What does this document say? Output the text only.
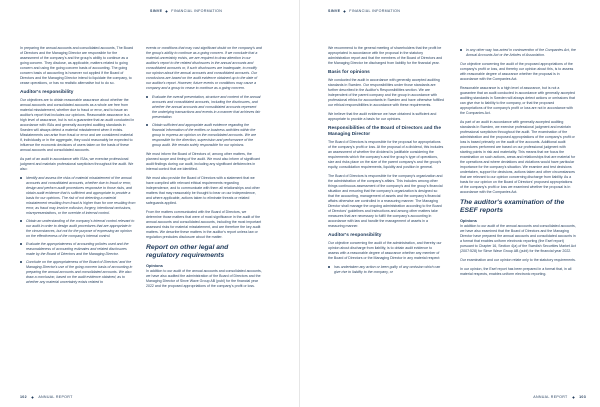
SINVE	FINANCIAL INFORMATION

In preparing the annual accounts and consolidated accounts, The Board of Directors and the Managing Director are responsible for the assessment of the company's and the group's ability to continue as a going concern. They disclose, as applicable, matters related to going concern and using the going concern basis of accounting. The going concern basis of accounting is however not applied if the Board of Directors and the Managing Director intend to liquidate the company, to cease operations, or has no realistic alternative but to do so.

Auditor's responsibility

Our objectives are to obtain reasonable assurance about whether the annual accounts and consolidated accounts as a whole are free from material misstatement, whether due to fraud or error, and to issue an auditor's report that includes our opinions. Reasonable assurance is a high level of assurance, but is not a guarantee that an audit conducted in accordance with ISAs and generally accepted auditing standards in Sweden will always detect a material misstatement when it exists. Misstatements can arise from fraud or error and are considered material if, individually or in the aggregate, they could reasonably be expected to influence the economic decisions of users taken on the basis of these annual accounts and consolidated accounts.

As part of an audit in accordance with ISAs, we exercise professional judgment and maintain professional scepticism throughout the audit. We also:

Identify and assess the risks of material misstatement of the annual accounts and consolidated accounts, whether due to fraud or error, design and perform audit procedures responsive to those risks, and obtain audit evidence that is sufficient and appropriate to provide a basis for our opinions. The risk of not detecting a material misstatement resulting from fraud is higher than for one resulting from error, as fraud may involve collusion, forgery, intentional omissions, misrepresentations, or the override of internal control.
Obtain an understanding of the company's internal control relevant to our audit in order to design audit procedures that are appropriate in the circumstances, but not for the purpose of expressing an opinion on the effectiveness of the company's internal control.
Evaluate the appropriateness of accounting policies used and the reasonableness of accounting estimates and related disclosures made by the Board of Directors and the Managing Director.
Conclude on the appropriateness of the Board of Directors' and the Managing Director's use of the going concern basis of accounting in preparing the annual accounts and consolidated accounts. We also draw a conclusion, based on the audit evidence obtained, as to whether any material uncertainty exists related to

events or conditions that may cast significant doubt on the company's and the group's ability to continue as a going concern. If we conclude that a material uncertainty exists, we are required to draw attention in our auditor's report to the related disclosures in the annual accounts and consolidated accounts or, if such disclosures are inadequate, to modify our opinion about the annual accounts and consolidated accounts. Our conclusions are based on the audit evidence obtained up to the date of our auditor's report. However, future events or conditions may cause a company and a group to cease to continue as a going concern.

Evaluate the overall presentation, structure and content of the annual accounts and consolidated accounts, including the disclosures, and whether the annual accounts and consolidated accounts represent the underlying transactions and events in a manner that achieves fair presentation.
Obtain sufficient and appropriate audit evidence regarding the financial information of the entities or business activities within the group to express an opinion on the consolidated accounts. We are responsible for the direction, supervision and performance of the group audit. We remain solely responsible for our opinions.

We must inform the Board of Directors of, among other matters, the planned scope and timing of the audit. We must also inform of significant audit findings during our audit, including any significant deficiencies in internal control that we identified.

We must also provide the Board of Directors with a statement that we have complied with relevant ethical requirements regarding independence, and to communicate with them all relationships and other matters that may reasonably be thought to bear on our independence, and where applicable, actions taken to eliminate threats or related safeguards applied.

From the matters communicated with the Board of Directors, we determine those matters that were of most significance in the audit of the annual accounts and consolidated accounts, including the most important assessed risks for material misstatement, and are therefore the key audit matters. We describe these matters in the auditor's report unless law or regulation precludes disclosure about the matter.

Report on other legal and regulatory requirements
Opinions

In addition to our audit of the annual accounts and consolidated accounts, we have also audited the administration of the Board of Directors and the Managing Director of Sinve Wave Group AB (publ) for the financial year 2022 and the proposed appropriations of the company's profit or loss.

102	ANNUAL REPORT
SINVE	FINANCIAL INFORMATION

We recommend to the general meeting of shareholders that the profit be appropriated in accordance with the proposal in the statutory administration report and that the members of the Board of Directors and the Managing Director be discharged from liability for the financial year.

Basis for opinions

We conducted the audit in accordance with generally accepted auditing standards in Sweden. Our responsibilities under those standards are further described in the Auditor's Responsibilities section. We are independent of the parent company and the group in accordance with professional ethics for accountants in Sweden and have otherwise fulfilled our ethical responsibilities in accordance with these requirements.

We believe that the audit evidence we have obtained is sufficient and appropriate to provide a basis for our opinions.

Responsibilities of the Board of Directors and the Managing Director

The Board of Directors is responsible for the proposal for appropriations of the company's profit or loss. At the proposal of a dividend, this includes an assessment of whether the dividend is justifiable considering the requirements which the company's and the group's type of operations, size and risks place on the size of the parent company's and the group's equity, consolidation requirements, liquidity and position in general.

The Board of Directors is responsible for the company's organization and the administration of the company's affairs. This includes among other things continuous assessment of the company's and the group's financial situation and ensuring that the company's organization is designed so that the accounting, management of assets and the company's financial affairs otherwise are controlled in a reassuring manner. The Managing Director shall manage the ongoing administration according to the Board of Directors' guidelines and instructions and among other matters take measures that are necessary to fulfill the company's accounting in accordance with law and handle the management of assets in a reassuring manner.

Auditor's responsibility

Our objective concerning the audit of the administration, and thereby our opinion about discharge from liability, is to obtain audit evidence to assess with a reasonable degree of assurance whether any member of the Board of Directors or the Managing Director in any material respect:

has undertaken any action or been guilty of any omission which can give rise to liability to the company, or
in any other way has acted in contravention of the Companies Act, the Annual Accounts Act or the Articles of Association.

Our objective concerning the audit of the proposed appropriations of the company's profit or loss, and thereby our opinion about this, is to assess with reasonable degree of assurance whether the proposal is in accordance with the Companies Act.

Reasonable assurance is a high level of assurance, but is not a guarantee that an audit conducted in accordance with generally accepted auditing standards in Sweden will always detect actions or omissions that can give rise to liability to the company, or that the proposed appropriations of the company's profit or loss are not in accordance with the Companies Act.

As part of an audit in accordance with generally accepted auditing standards in Sweden, we exercise professional judgment and maintain professional scepticism throughout the audit. The examination of the administration and the proposed appropriations of the company's profit or loss is based primarily on the audit of the accounts. Additional audit procedures performed are based on our professional judgment with starting points in risk and materiality. This means that we focus the examination on such actions, areas and relationships that are material for the operations and where deviations and violations would have particular importance for the company's situation. We examine and test decisions undertaken, support for decisions, actions taken and other circumstances that are relevant to our opinion concerning discharge from liability. As a basis for our opinion on the Board of Directors' proposed appropriations of the company's profit or loss we examined whether the proposal is in accordance with the Companies Act.

The auditor's examination of the ESEF reports
Opinions

In addition to our audit of the annual accounts and consolidated accounts, we have also examined that the Board of Directors and the Managing Director have prepared the annual accounts and consolidated accounts in a format that enables uniform electronic reporting (the Esef report) pursuant to Chapter 16, Section 4(a) of the Swedish Securities Market Act (2007:528) for Sinve Wave Group AB (publ) for the financial year 2022.

Our examination and our opinion relate only to the statutory requirements.

In our opinion, the Esef report has been prepared in a format that, in all material respects, enables uniform electronic reporting.

ANNUAL REPORT	103
